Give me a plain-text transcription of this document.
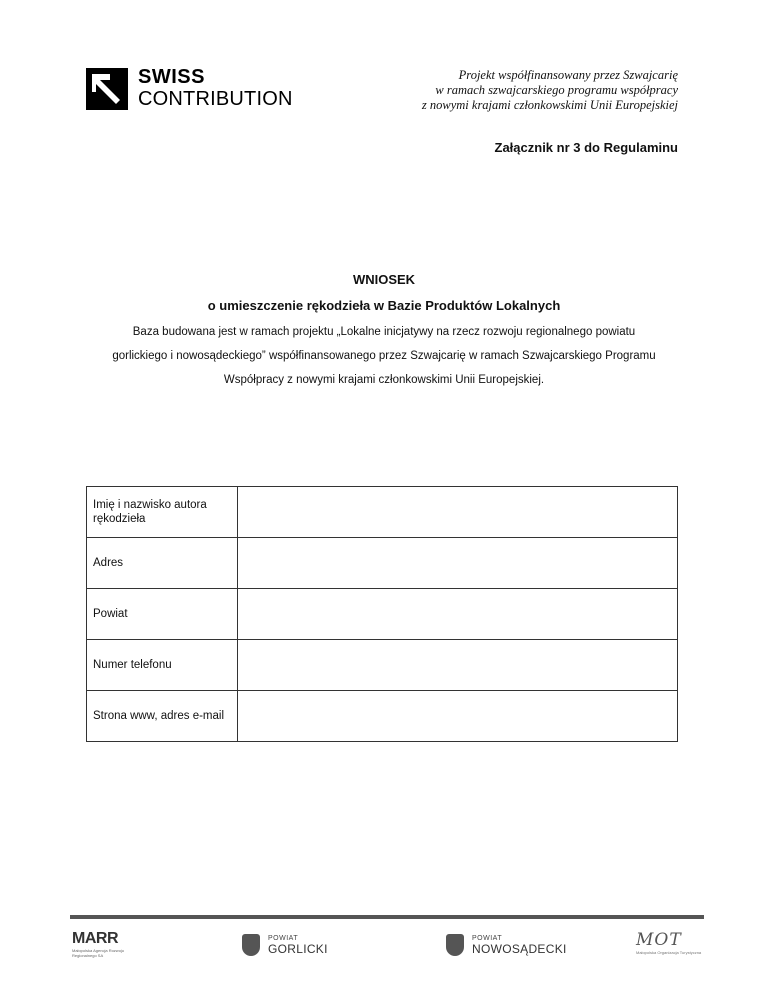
SWISS
CONTRIBUTION
Projekt współfinansowany przez Szwajcarię
w ramach szwajcarskiego programu współpracy
z nowymi krajami członkowskimi Unii Europejskiej
Załącznik nr 3 do Regulaminu
WNIOSEK
o umieszczenie rękodzieła w Bazie Produktów Lokalnych
Baza budowana jest w ramach projektu „Lokalne inicjatywy na rzecz rozwoju regionalnego powiatu
gorlickiego i nowosądeckiego” współfinansowanego przez Szwajcarię w ramach Szwajcarskiego Programu
Współpracy z nowymi krajami członkowskimi Unii Europejskiej.
Imię i nazwisko autora rękodzieła	
Adres	
Powiat	
Numer telefonu	
Strona www, adres e-mail	
MARR
Małopolska Agencja Rozwoju Regionalnego SA
POWIAT
GORLICKI
POWIAT
NOWOSĄDECKI	MOT
Małopolska Organizacja Turystyczna
